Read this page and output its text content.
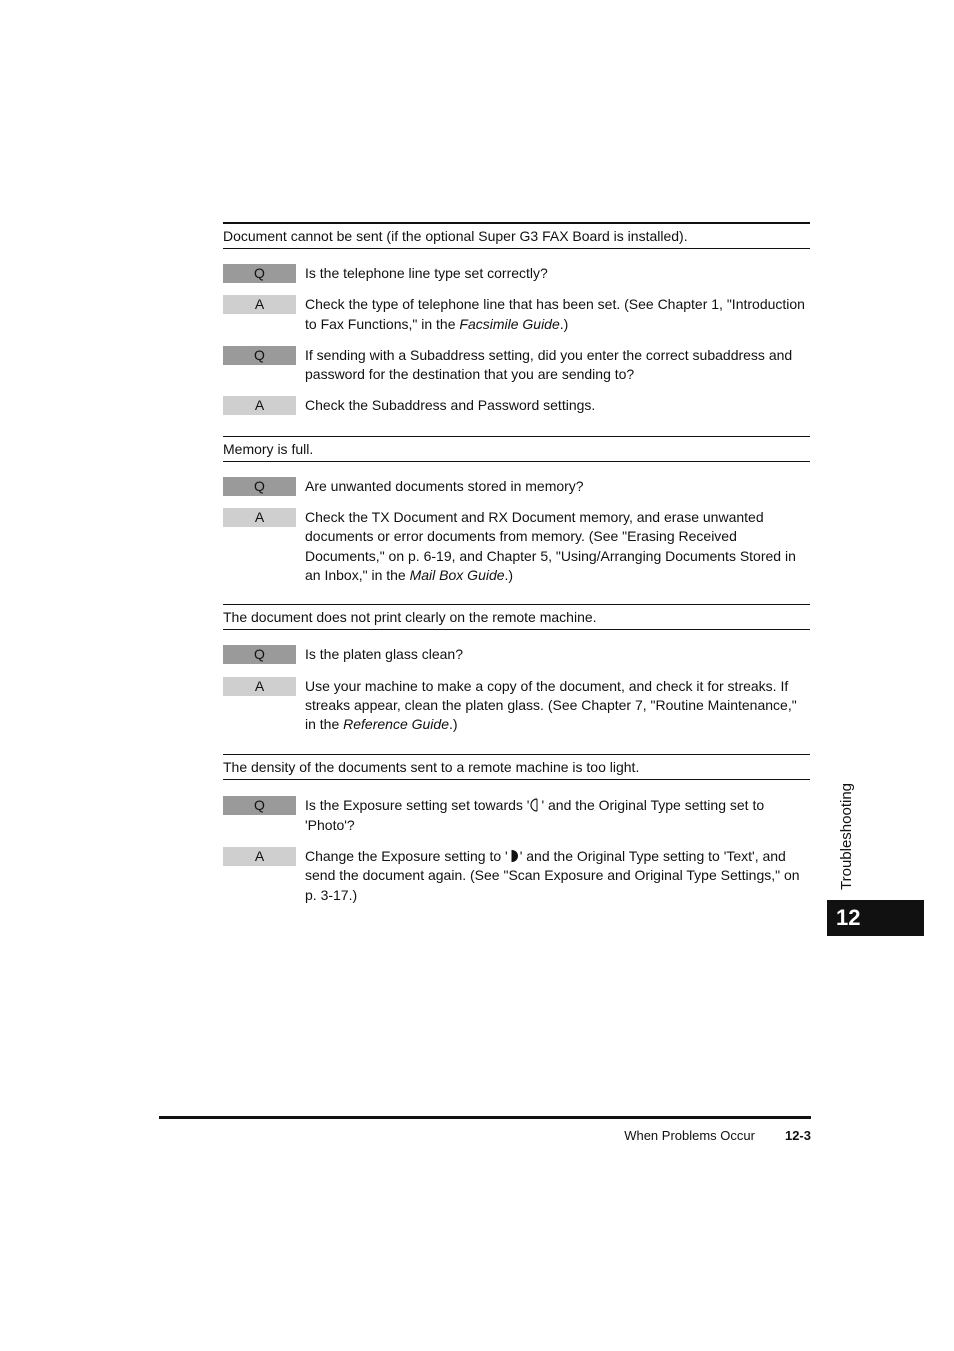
Document cannot be sent (if the optional Super G3 FAX Board is installed).
Q	Is the telephone line type set correctly?
A	Check the type of telephone line that has been set. (See Chapter 1, "Introduction to Fax Functions," in the Facsimile Guide.)
Q	If sending with a Subaddress setting, did you enter the correct subaddress and password for the destination that you are sending to?
A	Check the Subaddress and Password settings.
Memory is full.
Q	Are unwanted documents stored in memory?
A	Check the TX Document and RX Document memory, and erase unwanted documents or error documents from memory. (See "Erasing Received Documents," on p. 6-19, and Chapter 5, "Using/Arranging Documents Stored in an Inbox," in the Mail Box Guide.)
The document does not print clearly on the remote machine.
Q	Is the platen glass clean?
A	Use your machine to make a copy of the document, and check it for streaks. If streaks appear, clean the platen glass. (See Chapter 7, "Routine Maintenance," in the Reference Guide.)
The density of the documents sent to a remote machine is too light.
Q	Is the Exposure setting set towards ' ' and the Original Type setting set to 'Photo'?
A	Change the Exposure setting to ' ' and the Original Type setting to 'Text', and send the document again. (See "Scan Exposure and Original Type Settings," on p. 3-17.)
Troubleshooting
12
When Problems Occur 12-3
